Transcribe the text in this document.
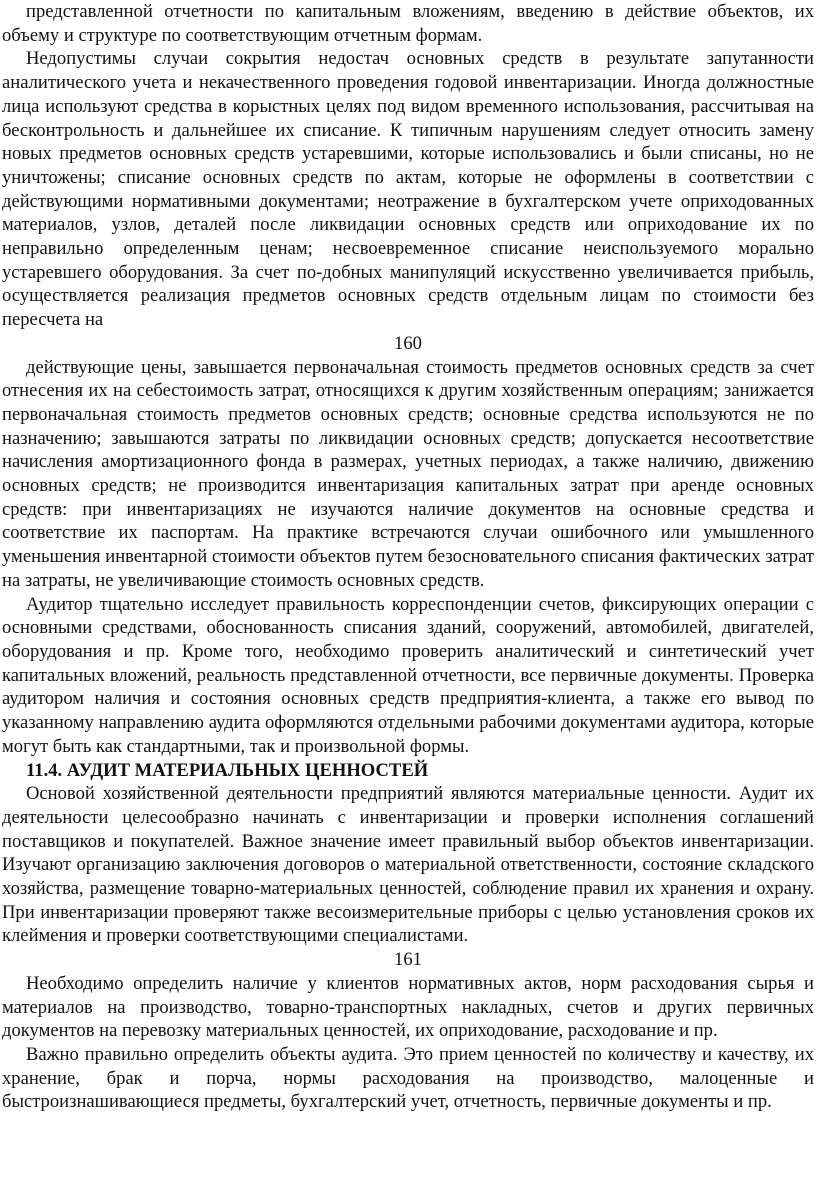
представленной отчетности по капитальным вложениям, введению в действие объектов, их объему и структуре по соответствующим отчетным формам.

Недопустимы случаи сокрытия недостач основных средств в результате запутанности аналитического учета и некачественного проведения годовой инвентаризации. Иногда должностные лица используют средства в корыстных целях под видом временного использования, рассчитывая на бесконтрольность и дальнейшее их списание. К типичным нарушениям следует относить замену новых предметов основных средств устаревшими, которые использовались и были списаны, но не уничтожены; списание основных средств по актам, которые не оформлены в соответствии с действующими нормативными документами; неотражение в бухгалтерском учете оприходованных материалов, узлов, деталей после ликвидации основных средств или оприходование их по неправильно определенным ценам; несвоевременное списание неиспользуемого морально устаревшего оборудования. За счет по-добных манипуляций искусственно увеличивается прибыль, осуществляется реализация предметов основных средств отдельным лицам по стоимости без пересчета на

160

действующие цены, завышается первоначальная стоимость предметов основных средств за счет отнесения их на себестоимость затрат, относящихся к другим хозяйственным операциям; занижается первоначальная стоимость предметов основных средств; основные средства используются не по назначению; завышаются затраты по ликвидации основных средств; допускается несоответствие начисления амортизационного фонда в размерах, учетных периодах, а также наличию, движению основных средств; не производится инвентаризация капитальных затрат при аренде основных средств: при инвентаризациях не изучаются наличие документов на основные средства и соответствие их паспортам. На практике встречаются случаи ошибочного или умышленного уменьшения инвентарной стоимости объектов путем безосновательного списания фактических затрат на затраты, не увеличивающие стоимость основных средств.

Аудитор тщательно исследует правильность корреспонденции счетов, фиксирующих операции с основными средствами, обоснованность списания зданий, сооружений, автомобилей, двигателей, оборудования и пр. Кроме того, необходимо проверить аналитический и синтетический учет капитальных вложений, реальность представленной отчетности, все первичные документы. Проверка аудитором наличия и состояния основных средств предприятия-клиента, а также его вывод по указанному направлению аудита оформляются отдельными рабочими документами аудитора, которые могут быть как стандартными, так и произвольной формы.

11.4. АУДИТ МАТЕРИАЛЬНЫХ ЦЕННОСТЕЙ

Основой хозяйственной деятельности предприятий являются материальные ценности. Аудит их деятельности целесообразно начинать с инвентаризации и проверки исполнения соглашений поставщиков и покупателей. Важное значение имеет правильный выбор объектов инвентаризации. Изучают организацию заключения договоров о материальной ответственности, состояние складского хозяйства, размещение товарно-материальных ценностей, соблюдение правил их хранения и охрану. При инвентаризации проверяют также весоизмерительные приборы с целью установления сроков их клеймения и проверки соответствующими специалистами.

161

Необходимо определить наличие у клиентов нормативных актов, норм расходования сырья и материалов на производство, товарно-транспортных накладных, счетов и других первичных документов на перевозку материальных ценностей, их оприходование, расходование и пр.

Важно правильно определить объекты аудита. Это прием ценностей по количеству и качеству, их хранение, брак и порча, нормы расходования на производство, малоценные и быстроизнашивающиеся предметы, бухгалтерский учет, отчетность, первичные документы и пр.
